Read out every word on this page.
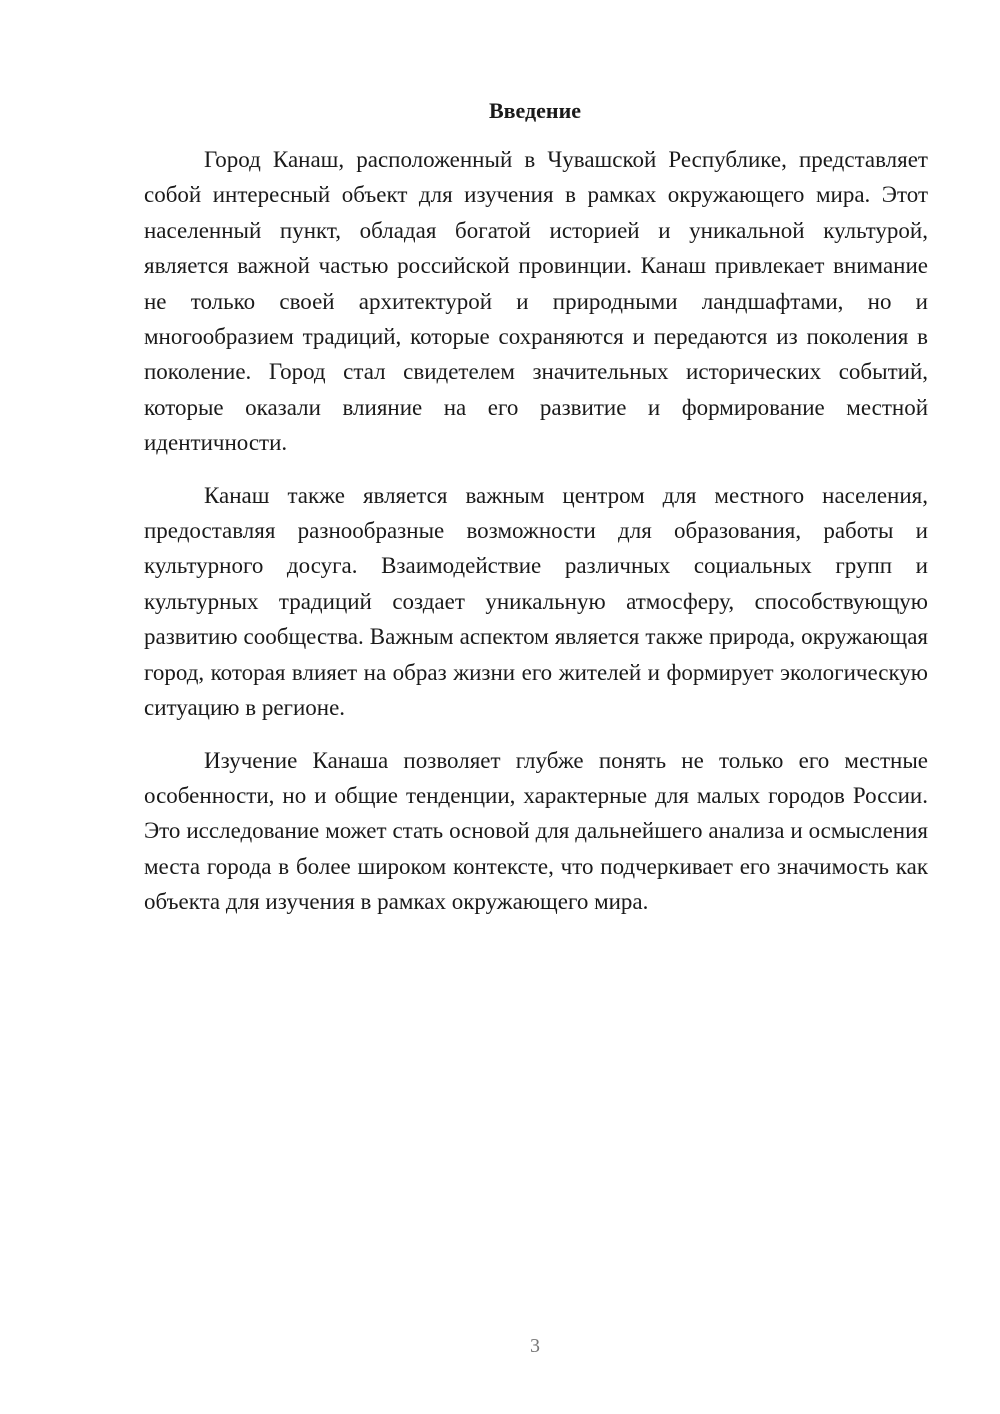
Введение

Город Канаш, расположенный в Чувашской Республике, представляет собой интересный объект для изучения в рамках окружающего мира. Этот населенный пункт, обладая богатой историей и уникальной культурой, является важной частью российской провинции. Канаш привлекает внимание не только своей архитектурой и природными ландшафтами, но и многообразием традиций, которые сохраняются и передаются из поколения в поколение. Город стал свидетелем значительных исторических событий, которые оказали влияние на его развитие и формирование местной идентичности.

Канаш также является важным центром для местного населения, предоставляя разнообразные возможности для образования, работы и культурного досуга. Взаимодействие различных социальных групп и культурных традиций создает уникальную атмосферу, способствующую развитию сообщества. Важным аспектом является также природа, окружающая город, которая влияет на образ жизни его жителей и формирует экологическую ситуацию в регионе.

Изучение Канаша позволяет глубже понять не только его местные особенности, но и общие тенденции, характерные для малых городов России. Это исследование может стать основой для дальнейшего анализа и осмысления места города в более широком контексте, что подчеркивает его значимость как объекта для изучения в рамках окружающего мира.

3
